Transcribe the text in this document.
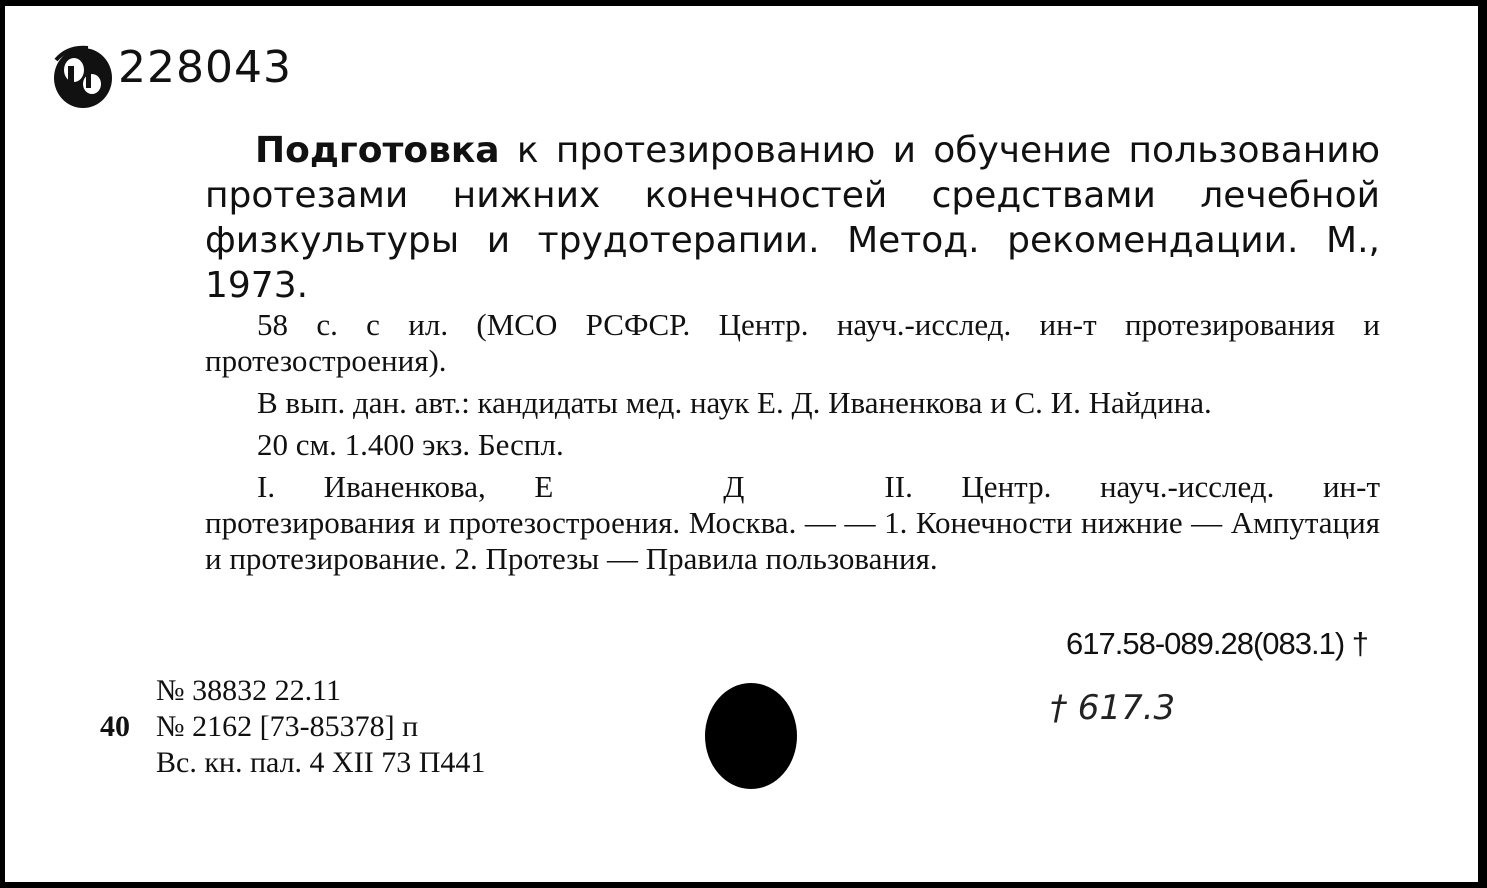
228043
Подготовка к протезированию и обучение пользованию протезами нижних конечностей средствами лечебной физкультуры и трудотерапии. Метод. рекомендации. М., 1973.

58 с. с ил. (МСО РСФСР. Центр. науч.-исслед. ин-т протезирования и протезостроения).

В вып. дан. авт.: кандидаты мед. наук Е. Д. Иваненкова и С. И. Найдина.

20 см. 1.400 экз. Беспл.

I. Иваненкова, Е	Д	II. Центр. науч.-исслед. ин-т протезирования и протезостроения. Москва. — — 1. Конечности нижние — Ампутация и протезирование. 2. Протезы — Правила пользования.

617.58-089.28(083.1) †
† 617.3
№ 38832 22.11
40 № 2162 [73-85378] п
Вс. кн. пал. 4 XII 73 П441
